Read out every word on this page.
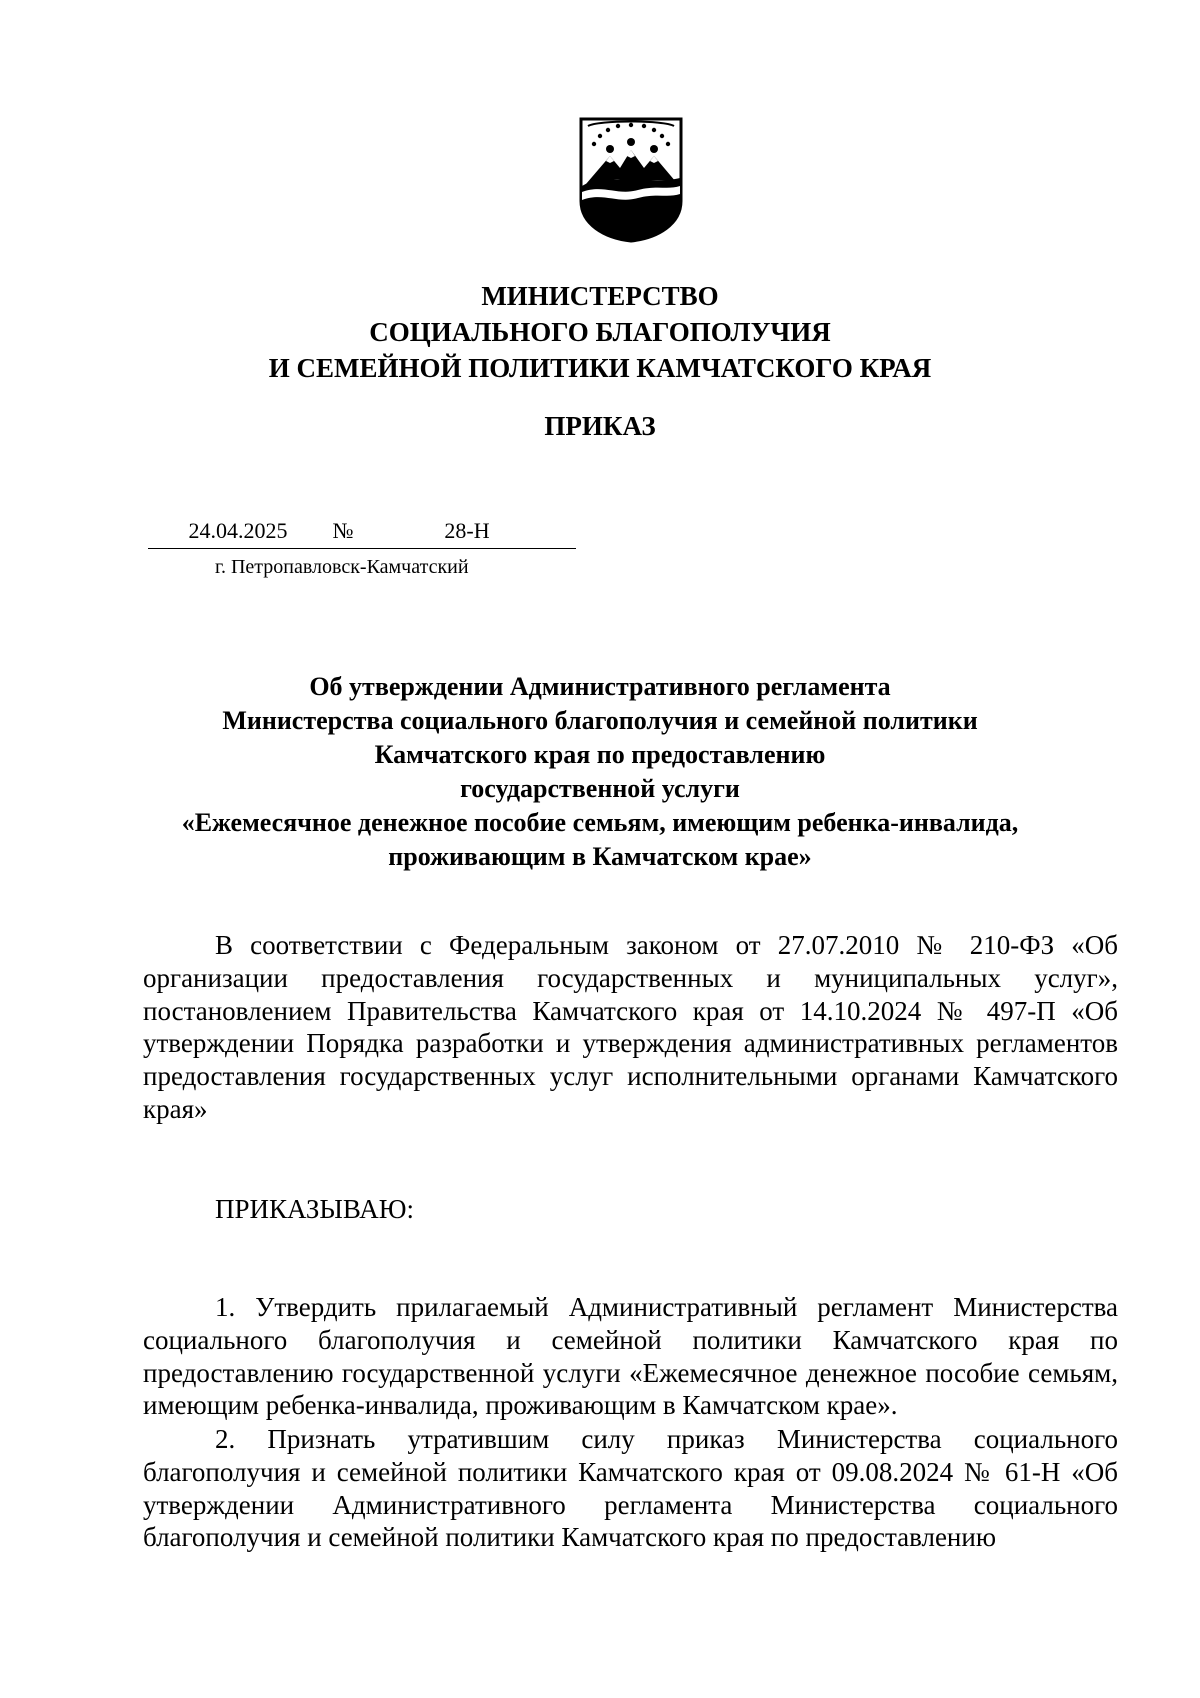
МИНИСТЕРСТВО
СОЦИАЛЬНОГО БЛАГОПОЛУЧИЯ
И СЕМЕЙНОЙ ПОЛИТИКИ КАМЧАТСКОГО КРАЯ
ПРИКАЗ
24.04.2025	№	28-Н
г. Петропавловск-Камчатский
Об утверждении Административного регламента
Министерства социального благополучия и семейной политики
Камчатского края по предоставлению
государственной услуги
«Ежемесячное денежное пособие семьям, имеющим ребенка-инвалида,
проживающим в Камчатском крае»
В соответствии с Федеральным законом от 27.07.2010 № 210-ФЗ «Об организации предоставления государственных и муниципальных услуг», постановлением Правительства Камчатского края от 14.10.2024 № 497-П «Об утверждении Порядка разработки и утверждения административных регламентов предоставления государственных услуг исполнительными органами Камчатского края»
ПРИКАЗЫВАЮ:
1. Утвердить прилагаемый Административный регламент Министерства социального благополучия и семейной политики Камчатского края по предоставлению государственной услуги «Ежемесячное денежное пособие семьям, имеющим ребенка-инвалида, проживающим в Камчатском крае».
2. Признать утратившим силу приказ Министерства социального благополучия и семейной политики Камчатского края от 09.08.2024 № 61-Н «Об утверждении Административного регламента Министерства социального благополучия и семейной политики Камчатского края по предоставлению
